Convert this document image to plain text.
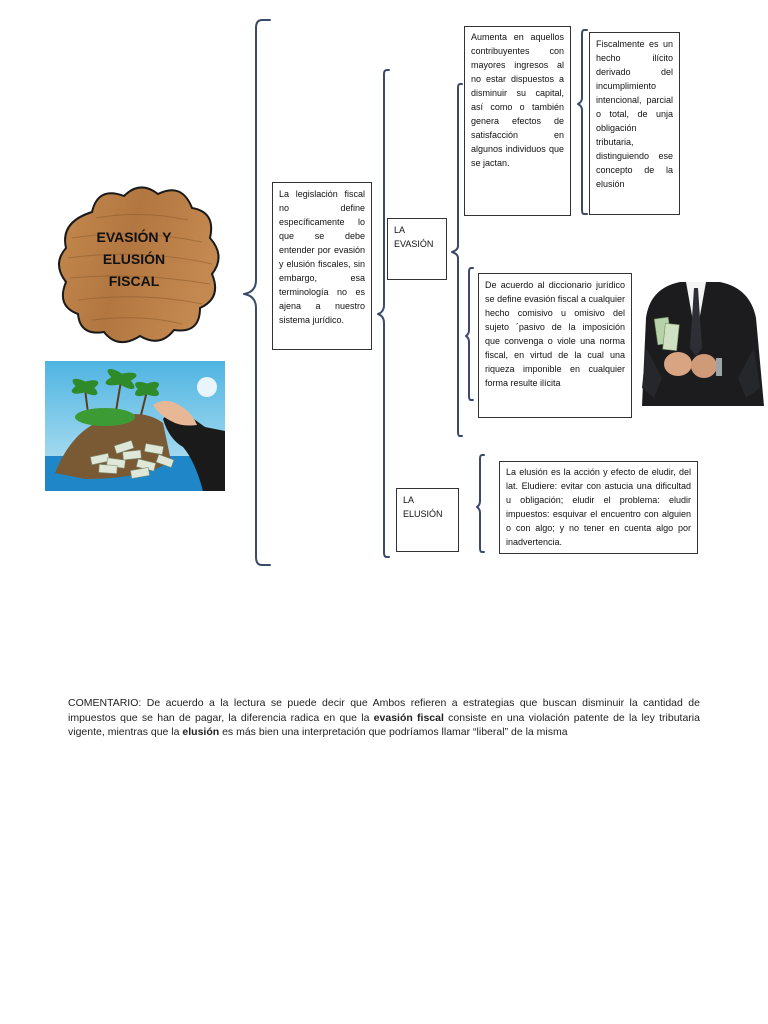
EVASIÓN Y
ELUSIÓN
FISCAL

La legislación fiscal no define específicamente lo que se debe entender por evasión y elusión fiscales, sin embargo, esa terminología no es ajena a nuestro sistema jurídico.

LA EVASIÓN

Aumenta en aquellos contribuyentes con mayores ingresos al no estar dispuestos a disminuir su capital, así como o también genera efectos de satisfacción en algunos individuos que se jactan.

Fiscalmente es un hecho ilícito derivado del incumplimiento intencional, parcial o total, de unja obligación tributaria, distinguiendo ese concepto de la elusión

De acuerdo al diccionario jurídico se define evasión fiscal a cualquier hecho comisivo u omisivo del sujeto ´pasivo de la imposición que convenga o viole una norma fiscal, en virtud de la cual una riqueza imponible en cualquier forma resulte ilícita

LA ELUSIÓN

La elusión es la acción y efecto de eludir, del lat. Eludiere: evitar con astucia una dificultad u obligación; eludir el problema: eludir impuestos: esquivar el encuentro con alguien o con algo; y no tener en cuenta algo por inadvertencia.

COMENTARIO: De acuerdo a la lectura se puede decir que Ambos refieren a estrategias que buscan disminuir la cantidad de impuestos que se han de pagar, la diferencia radica en que la evasión fiscal consiste en una violación patente de la ley tributaria vigente, mientras que la elusión es más bien una interpretación que podríamos llamar “liberal” de la misma
